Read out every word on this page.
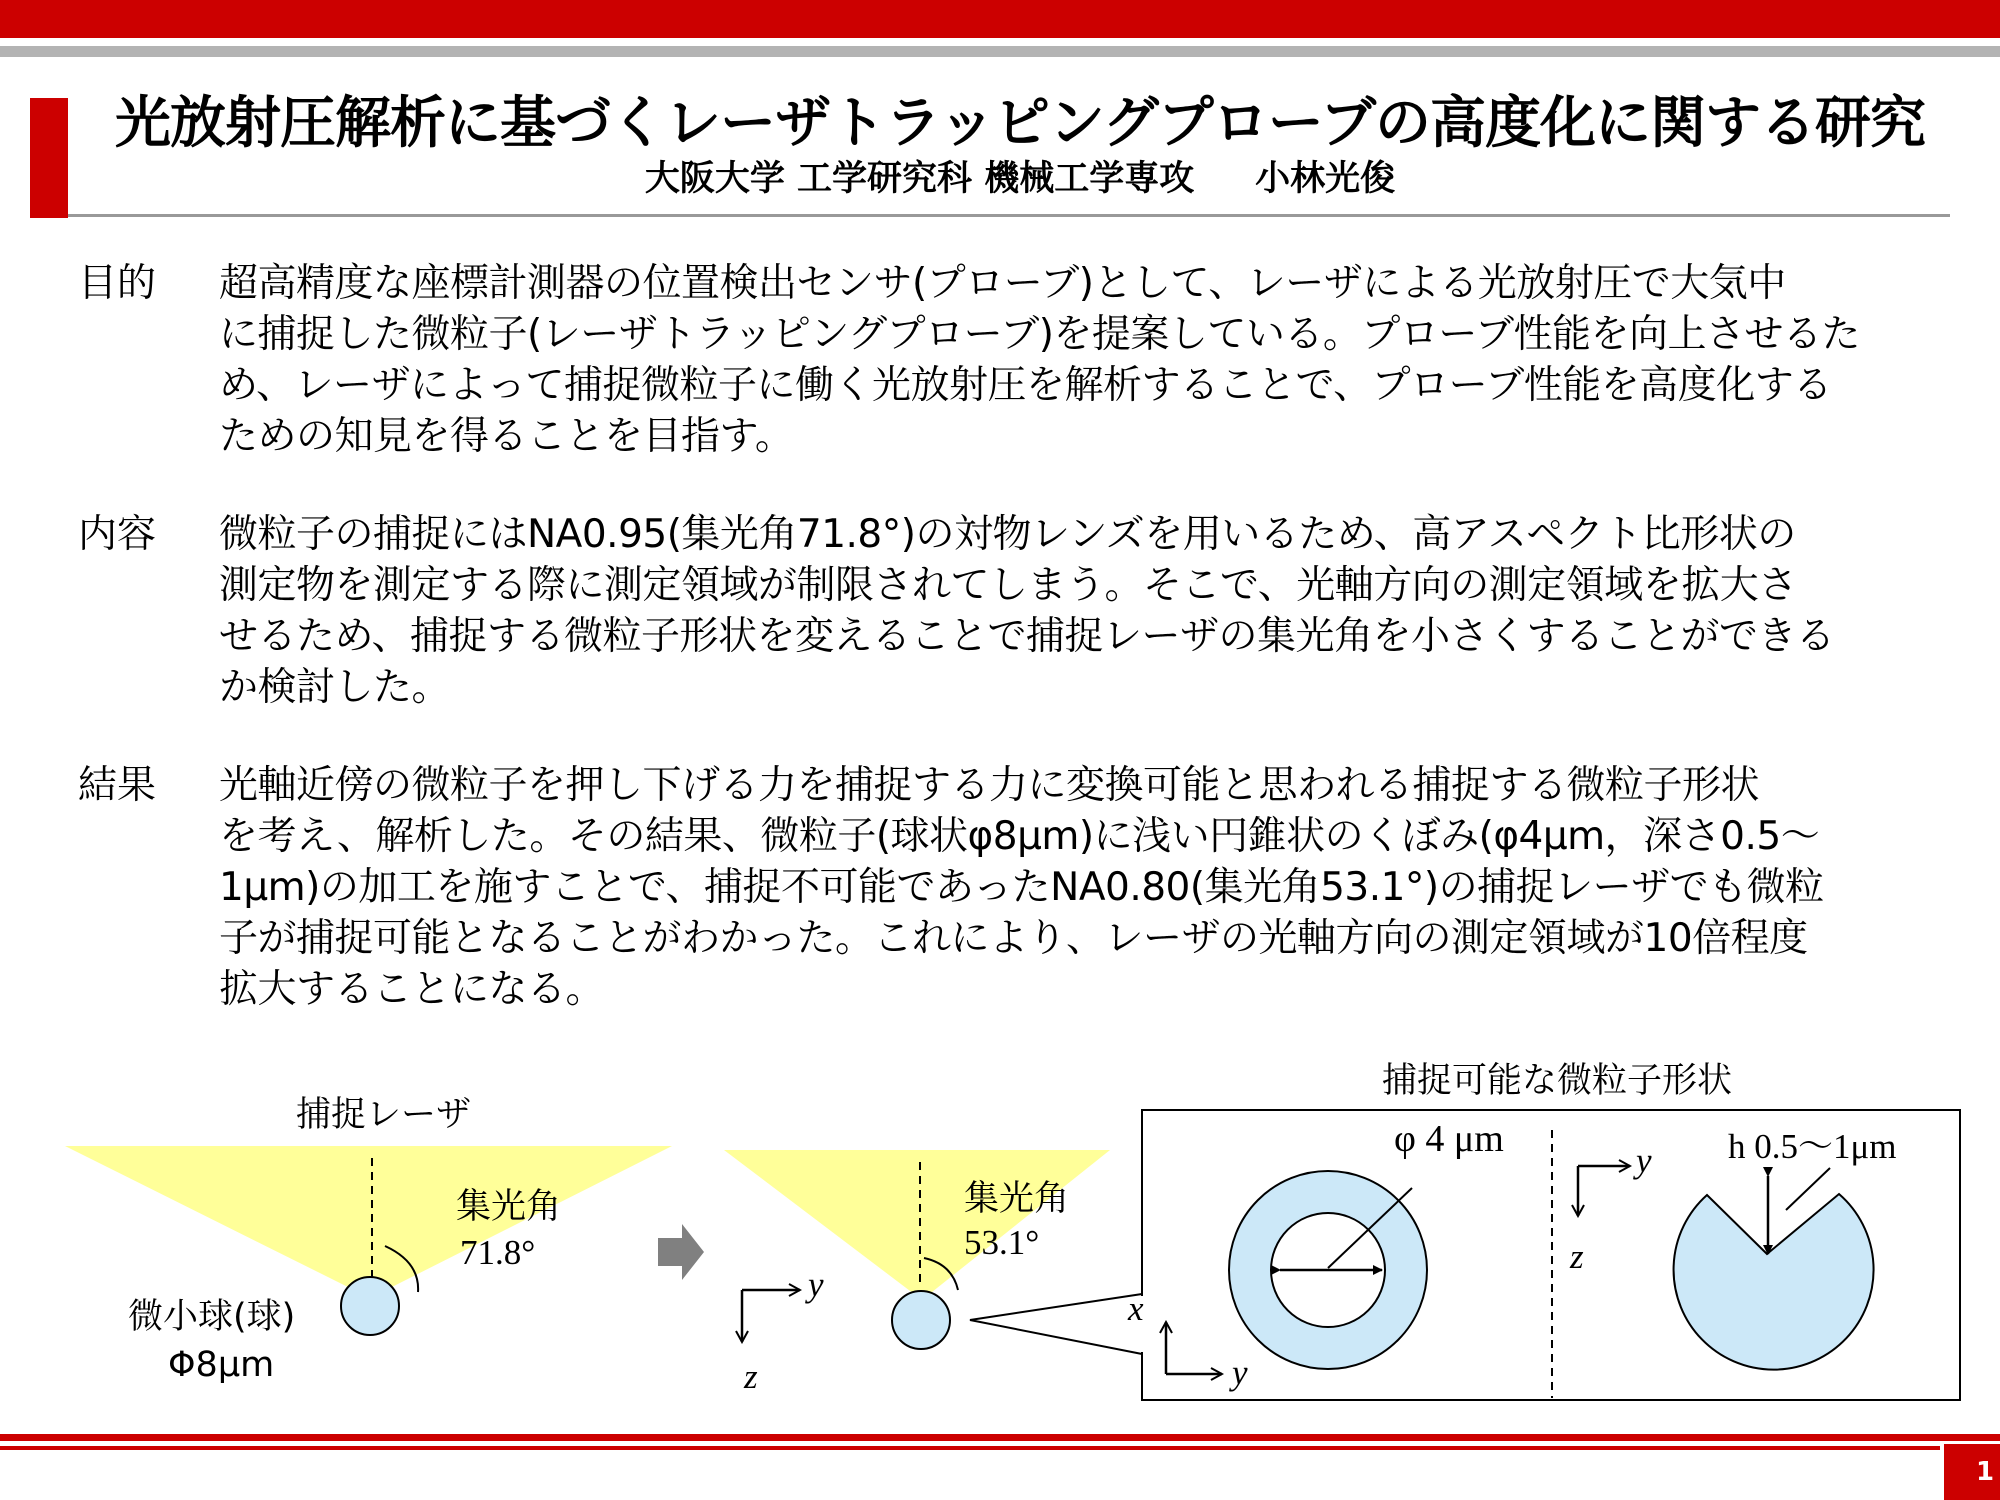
光放射圧解析に基づくレーザトラッピングプローブの高度化に関する研究
大阪大学 工学研究科 機械工学専攻     小林光俊
目的 超高精度な座標計測器の位置検出センサ(プローブ)として、レーザによる光放射圧で大気中
に捕捉した微粒子(レーザトラッピングプローブ)を提案している。プローブ性能を向上させるた
め、レーザによって捕捉微粒子に働く光放射圧を解析することで、プローブ性能を高度化する
ための知見を得ることを目指す。
内容 微粒子の捕捉にはNA0.95(集光角71.8°)の対物レンズを用いるため、高アスペクト比形状の
測定物を測定する際に測定領域が制限されてしまう。そこで、光軸方向の測定領域を拡大さ
せるため、捕捉する微粒子形状を変えることで捕捉レーザの集光角を小さくすることができる
か検討した。
結果 光軸近傍の微粒子を押し下げる力を捕捉する力に変換可能と思われる捕捉する微粒子形状
を考え、解析した。その結果、微粒子(球状φ8μm)に浅い円錐状のくぼみ(φ4μm，深さ0.5～
1μm)の加工を施すことで、捕捉不可能であったNA0.80(集光角53.1°)の捕捉レーザでも微粒
子が捕捉可能となることがわかった。これにより、レーザの光軸方向の測定領域が10倍程度
拡大することになる。
捕捉レーザ
集光角
71.8°
微小球(球)
Φ8μm
集光角
53.1°
y
z
捕捉可能な微粒子形状
φ 4 μm
x
y
y
z
h 0.5～1μm
1
